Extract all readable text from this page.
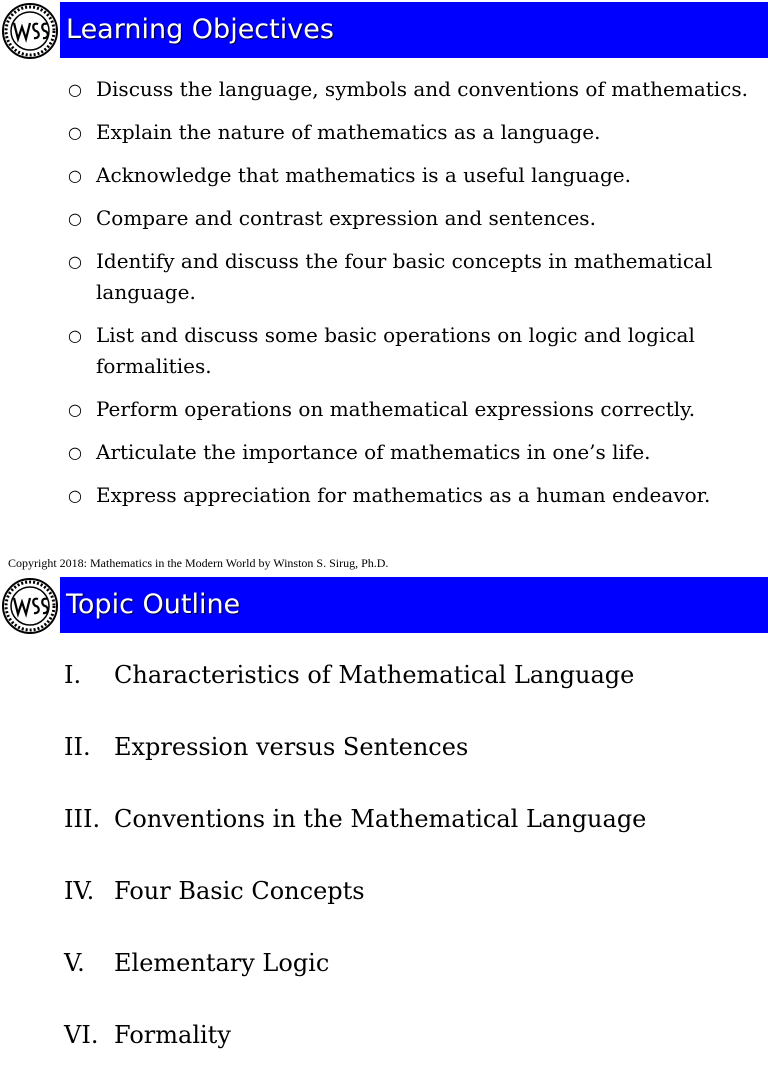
Learning Objectives
○ Discuss the language, symbols and conventions of mathematics.
○ Explain the nature of mathematics as a language.
○ Acknowledge that mathematics is a useful language.
○ Compare and contrast expression and sentences.
○ Identify and discuss the four basic concepts in mathematical language.
○ List and discuss some basic operations on logic and logical formalities.
○ Perform operations on mathematical expressions correctly.
○ Articulate the importance of mathematics in one’s life.
○ Express appreciation for mathematics as a human endeavor.
Copyright 2018: Mathematics in the Modern World by Winston S. Sirug, Ph.D.
Topic Outline
I. Characteristics of Mathematical Language
II. Expression versus Sentences
III. Conventions in the Mathematical Language
IV. Four Basic Concepts
V. Elementary Logic
VI. Formality
